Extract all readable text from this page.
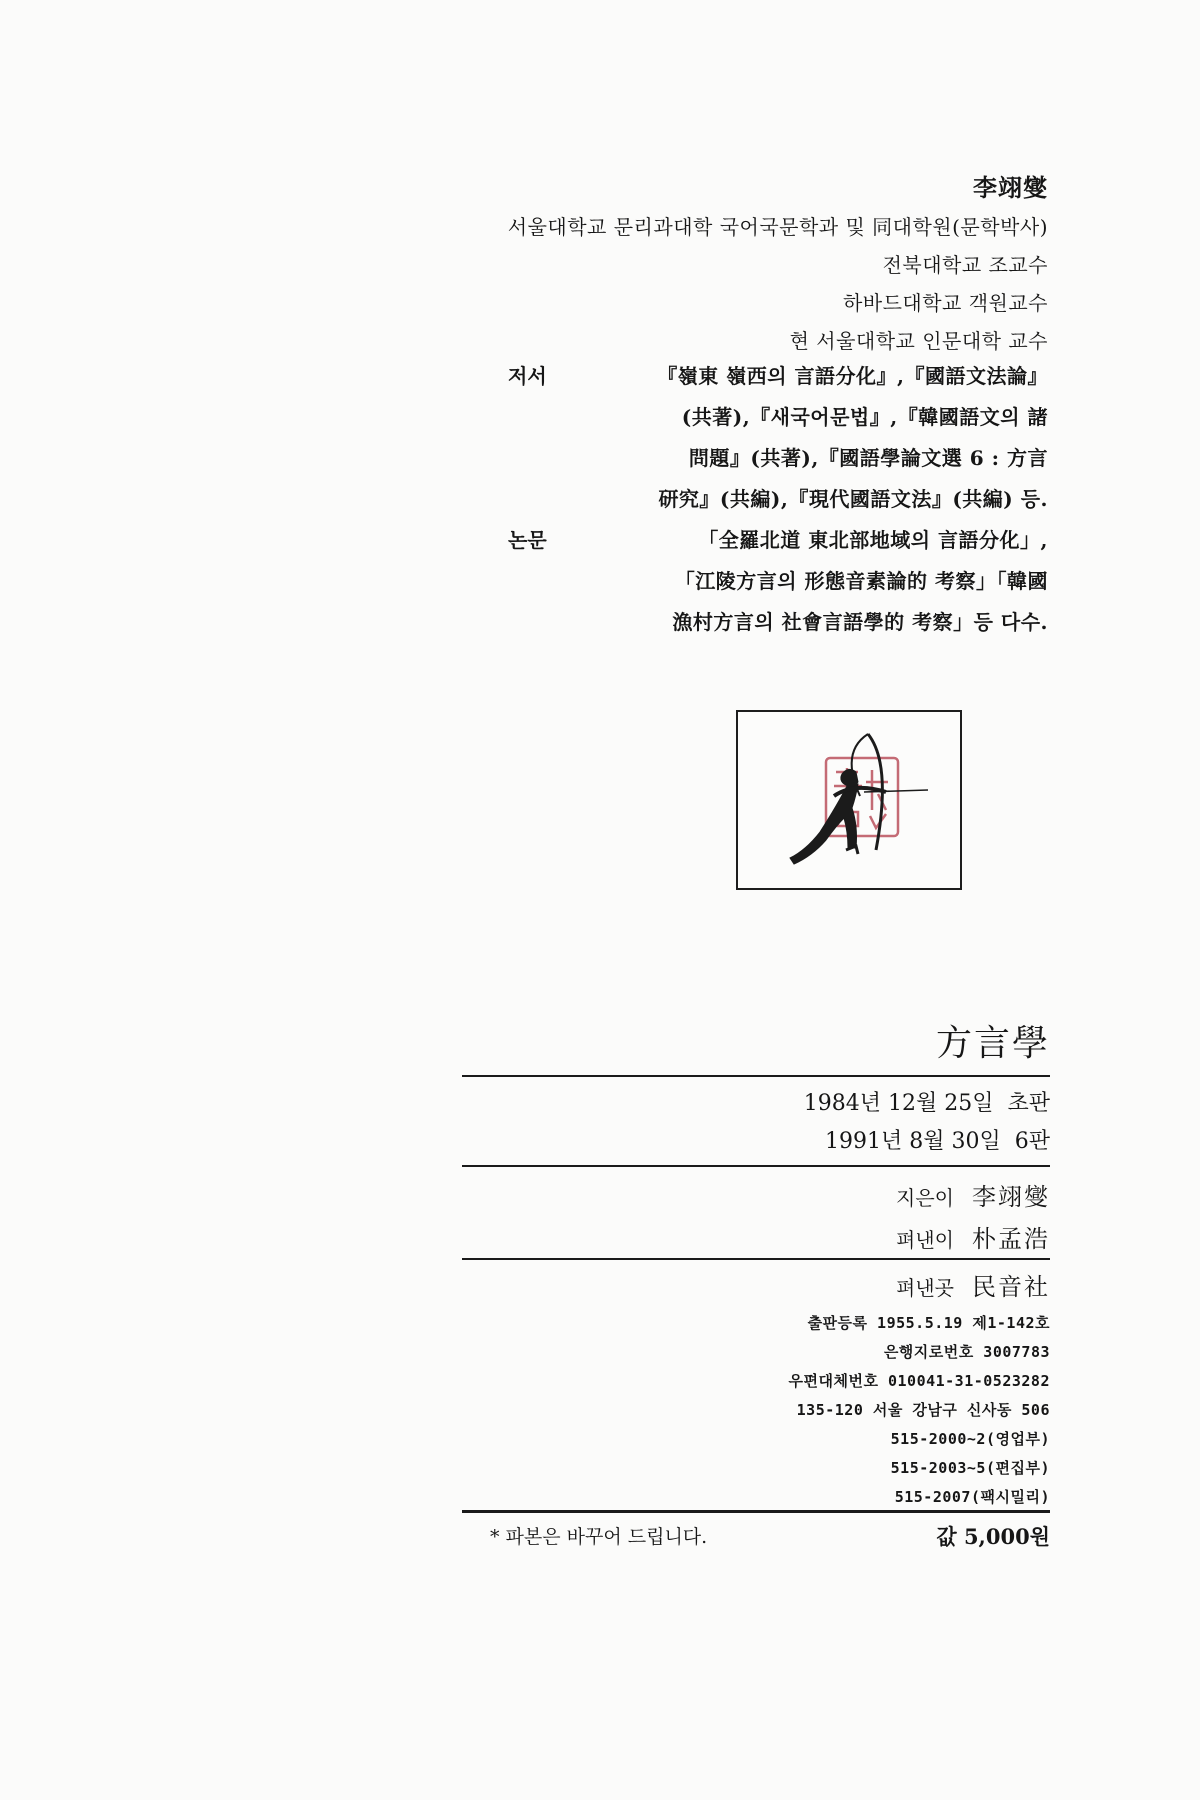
李翊燮
서울대학교 문리과대학 국어국문학과 및 同대학원(문학박사)
전북대학교 조교수
하바드대학교 객원교수
현 서울대학교 인문대학 교수
저서	『嶺東 嶺西의 言語分化』,『國語文法論』
(共著),『새국어문법』,『韓國語文의 諸
問題』(共著),『國語學論文選 6 : 方言
研究』(共編),『現代國語文法』(共編) 등.
논문	「全羅北道 東北部地域의 言語分化」,
「江陵方言의 形態音素論的 考察」「韓國
漁村方言의 社會言語學的 考察」등 다수.
方言學
1984년 12월 25일 초판
1991년 8월 30일 6판
지은이 李翊燮
펴낸이 朴孟浩
펴낸곳 民音社
출판등록 1955.5.19 제1-142호
은행지로번호 3007783
우편대체번호 010041-31-0523282
135-120 서울 강남구 신사동 506
515-2000~2(영업부)
515-2003~5(편집부)
515-2007(팩시밀리)
* 파본은 바꾸어 드립니다.	값 5,000원
